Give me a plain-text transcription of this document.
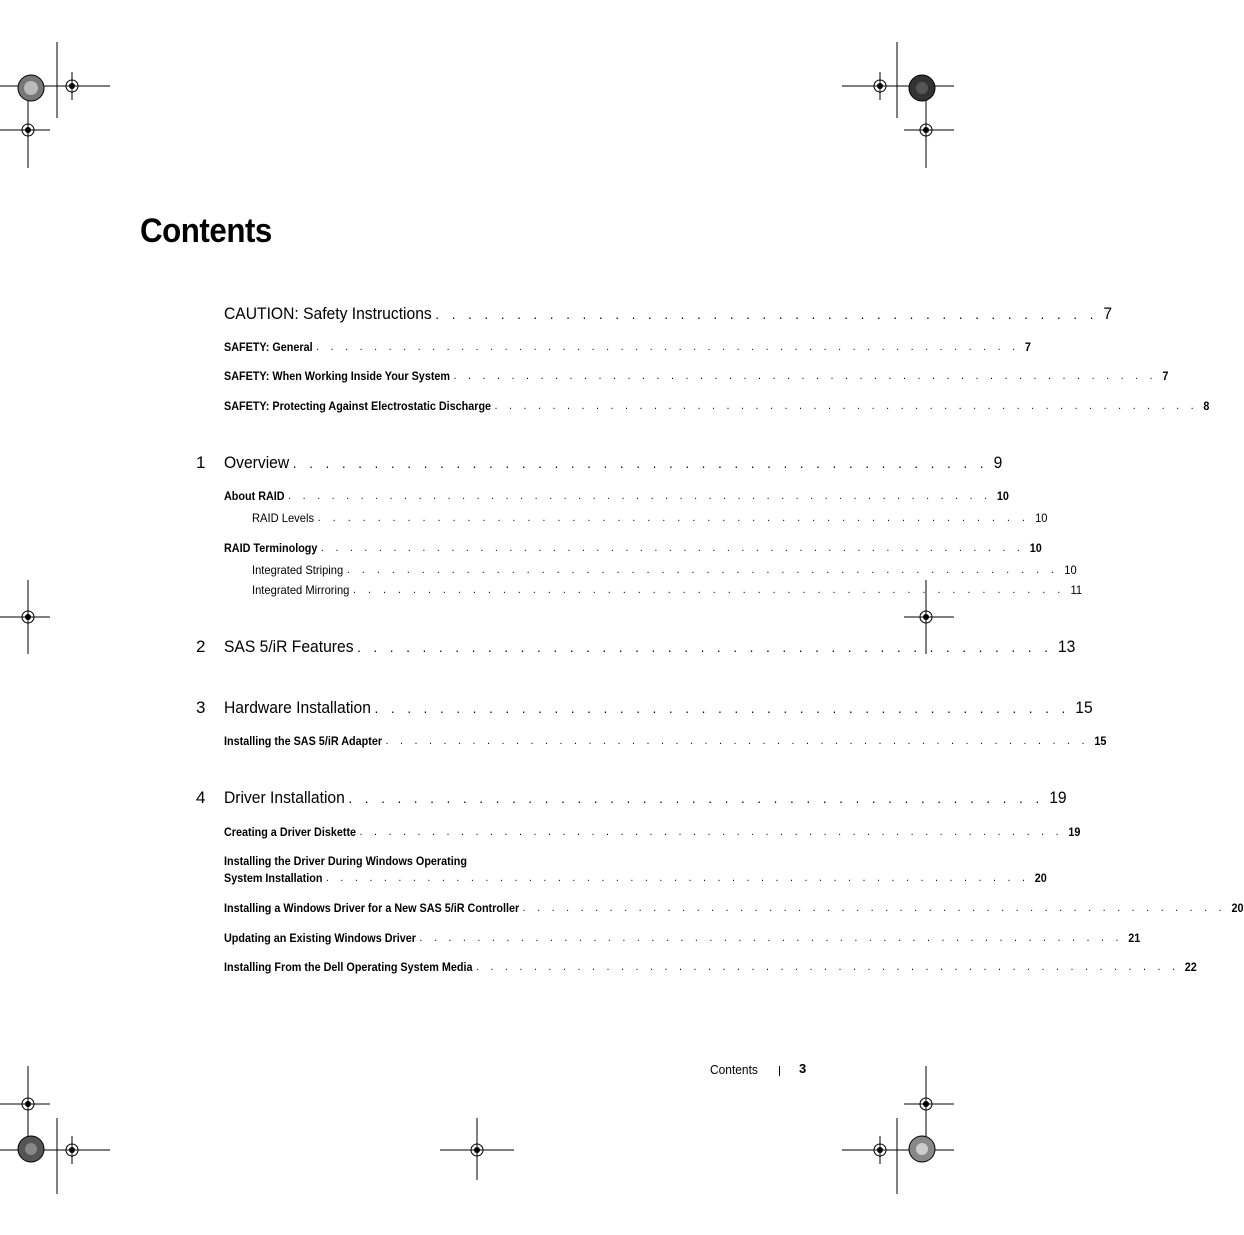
Contents
CAUTION: Safety Instructions . . . . . . . . . . . . . . . . . . . . . . . . . . . . . . . . . . . . . . . . . 7
SAFETY: General . . . . . . . . . . . . . . . . . . . . . . . . . . . . . . . . . . . . . . . . . . . . . . . . . 7
SAFETY: When Working Inside Your System . . . . . . . . . . . . . . . . . . . . . . . . . . . . . . . . . . . . . . . . . . . . . . . . . 7
SAFETY: Protecting Against Electrostatic Discharge . . . . . . . . . . . . . . . . . . . . . . . . . . . . . . . . . . . . . . . . . . . . . . . . . 8
1 Overview . . . . . . . . . . . . . . . . . . . . . . . . . . . . . . . . . . . . . . . . . . . 9
About RAID . . . . . . . . . . . . . . . . . . . . . . . . . . . . . . . . . . . . . . . . . . . . . . . . . 10
RAID Levels . . . . . . . . . . . . . . . . . . . . . . . . . . . . . . . . . . . . . . . . . . . . . . . . 10
RAID Terminology . . . . . . . . . . . . . . . . . . . . . . . . . . . . . . . . . . . . . . . . . . . . . . . . . 10
Integrated Striping . . . . . . . . . . . . . . . . . . . . . . . . . . . . . . . . . . . . . . . . . . . . . . . . 10
Integrated Mirroring . . . . . . . . . . . . . . . . . . . . . . . . . . . . . . . . . . . . . . . . . . . . . . . . 11
2 SAS 5/iR Features . . . . . . . . . . . . . . . . . . . . . . . . . . . . . . . . . . . . . . . . . . . 13
3 Hardware Installation . . . . . . . . . . . . . . . . . . . . . . . . . . . . . . . . . . . . . . . . . . . 15
Installing the SAS 5/iR Adapter . . . . . . . . . . . . . . . . . . . . . . . . . . . . . . . . . . . . . . . . . . . . . . . . . 15
4 Driver Installation . . . . . . . . . . . . . . . . . . . . . . . . . . . . . . . . . . . . . . . . . . . 19
Creating a Driver Diskette . . . . . . . . . . . . . . . . . . . . . . . . . . . . . . . . . . . . . . . . . . . . . . . . . 19
Installing the Driver During Windows Operating
System Installation . . . . . . . . . . . . . . . . . . . . . . . . . . . . . . . . . . . . . . . . . . . . . . . . . 20
Installing a Windows Driver for a New SAS 5/iR Controller . . . . . . . . . . . . . . . . . . . . . . . . . . . . . . . . . . . . . . . . . . . . . . . . . 20
Updating an Existing Windows Driver . . . . . . . . . . . . . . . . . . . . . . . . . . . . . . . . . . . . . . . . . . . . . . . . . 21
Installing From the Dell Operating System Media . . . . . . . . . . . . . . . . . . . . . . . . . . . . . . . . . . . . . . . . . . . . . . . . . 22
Contents	3
